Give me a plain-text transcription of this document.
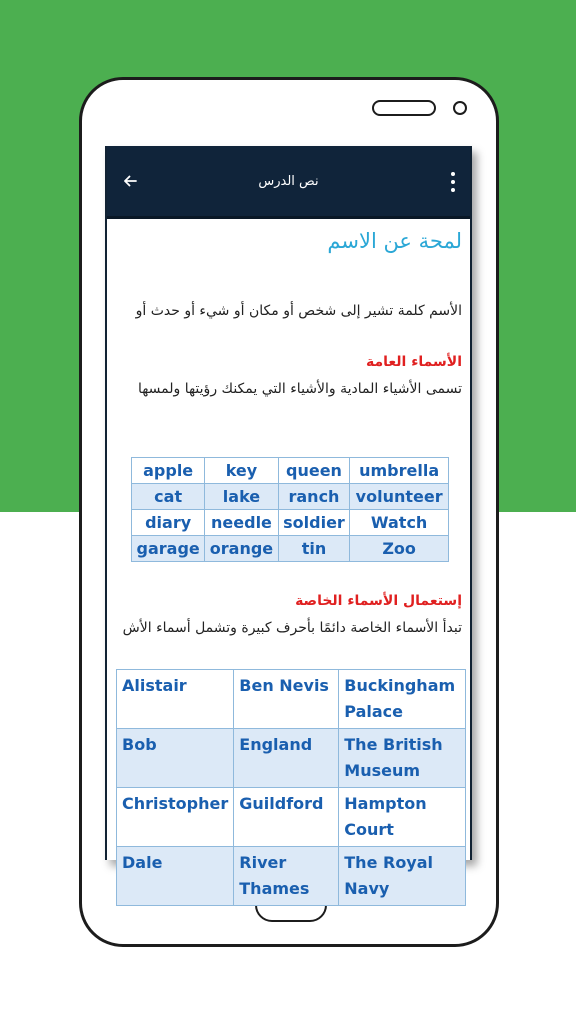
نص الدرس
لمحة عن الاسم
الأسم كلمة تشير إلى شخص أو مكان أو شيء أو حدث أو
الأسماء العامة
تسمى الأشياء المادية والأشياء التي يمكنك رؤيتها ولمسها
apple	key	queen	umbrella
cat	lake	ranch	volunteer
diary	needle	soldier	Watch
garage	orange	tin	Zoo
إستعمال الأسماء الخاصة
تبدأ الأسماء الخاصة دائمًا بأحرف كبيرة وتشمل أسماء الأش
Alistair	Ben Nevis	Buckingham Palace
Bob	England	The British Museum
Christopher	Guildford	Hampton Court
Dale	River Thames	The Royal Navy
